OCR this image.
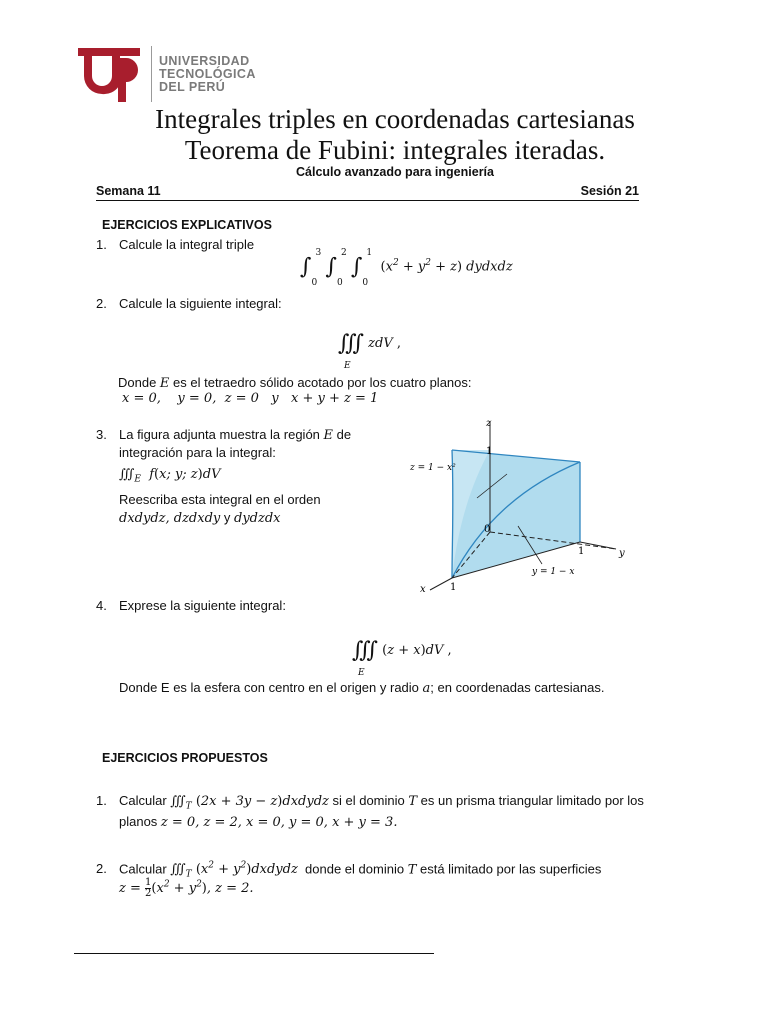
UNIVERSIDAD
TECNOLÓGICA
DEL PERÚ
Integrales triples en coordenadas cartesianas
Teorema de Fubini: integrales iteradas.
Cálculo avanzado para ingeniería
Semana 11	Sesión 21
EJERCICIOS EXPLICATIVOS
1. Calcule la integral triple
∫
3
0
∫
2
0
∫
1
0
$(x^2 + y^2 + z)$ dydxdz
2. Calcule la siguiente integral:
∭ zdV ,
E
Donde E es el tetraedro sólido acotado por los cuatro planos:
x = 0,    y = 0,  z = 0   y   x + y + z = 1
3. La figura adjunta muestra la región E de
integración para la integral:
$∭_E$  f(x; y; z)dV
Reescriba esta integral en el orden
dxdydz, dzdxdy y dydzdx
z
y
x
1
1
1
0
z = 1 − x²
y = 1 − x
4. Exprese la siguiente integral:
∭ (z + x)dV ,
E
Donde E es la esfera con centro en el origen y radio a; en coordenadas cartesianas.
EJERCICIOS PROPUESTOS
1. Calcular $∭_T$ (2x + 3y − z)dxdydz si el dominio T es un prisma triangular limitado por los
planos z = 0, z = 2, x = 0, y = 0, x + y = 3.
2. Calcular $∭_T$ ($x^2$ + $y^2)dxdydz$  donde el dominio T está limitado por las superficies
$z = \frac{1}{2} (x^2 + y^2)$, z = 2.
